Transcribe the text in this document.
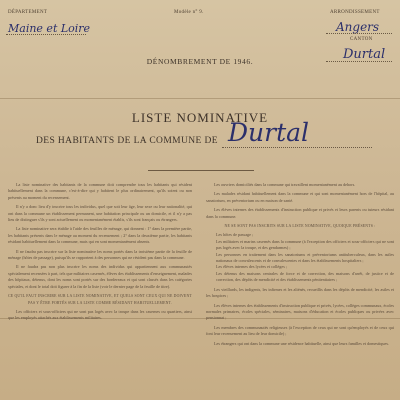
DÉPARTEMENT	Modèle n° 9.	ARRONDISSEMENT
Maine et Loire	Angers
CANTON
Durtal
DÉNOMBREMENT DE 1946.
LISTE NOMINATIVE
DES HABITANTS DE LA COMMUNE DE Durtal

La liste nominative des habitants de la commune doit comprendre tous les habitants qui résident habituellement dans la commune, c'est-à-dire qui y habitent le plus ordinairement, qu'ils soient ou non présents au moment du recensement.

Il n'y a donc lieu d'y inscrire tous les individus, quel que soit leur âge, leur sexe ou leur nationalité, qui ont dans la commune un établissement permanent, une habitation principale ou un domicile, et il n'y a pas lieu de distinguer s'ils y sont actuellement ou momentanément établis, s'ils sont français ou étrangers.

La liste nominative sera établie à l'aide des feuilles de ménage, qui donnent : 1° dans la première partie, les habitants présents dans le ménage au moment du recensement ; 2° dans la deuxième partie, les habitants résidant habituellement dans la commune, mais qui en sont momentanément absents.

Il ne faudra pas inscrire sur la liste nominative les noms portés dans la troisième partie de la feuille de ménage (hôtes de passage), puisqu'ils se rapportent à des personnes qui ne résident pas dans la commune.

Il ne faudra pas non plus inscrire les noms des individus qui appartiennent aux communautés spécialement recensées à part, tels que militaires casernés, élèves des établissements d'enseignement, malades des hôpitaux, détenus, dont les noms sont portés sur des bordereaux et qui sont classés dans les catégories spéciales, et dont le total doit figurer à la fin de la liste (voir le dernier page de la feuille de titre).

CE QU'IL FAUT INSCRIRE SUR LA LISTE NOMINATIVE, ET QUELS SONT CEUX QUI NE DOIVENT PAS Y ÊTRE PORTÉS SUR LA LISTE COMME RÉSIDANT HABITUELLEMENT.

Les officiers et sous-officiers qui ne sont pas logés avec la troupe dans les casernes ou quartiers, ainsi que les employés attachés aux établissements militaires.

Les ouvriers domiciliés dans la commune qui travaillent momentanément au dehors.

Les malades résidant habituellement dans la commune et qui sont momentanément hors de l'hôpital, au sanatorium, en préventorium ou en maison de santé.

Les élèves internes des établissements d'instruction publique et privés et leurs parents ou tuteurs résidant dans la commune.

NE SE SONT PAS INSCRITS SUR LA LISTE NOMINATIVE, QUOIQUE PRÉSENTS :

Les hôtes de passage ;
Les militaires et marins casernés dans la commune (à l'exception des officiers et sous-officiers qui ne sont pas logés avec la troupe, et des gendarmes) ;
Les personnes en traitement dans les sanatoriums et préventoriums antituberculeux, dans les asiles nationaux de convalescents et de convalescentes et dans les établissements hospitaliers ;
Les élèves internes des lycées et collèges ;
Les détenus des maisons centrales de force et de correction, des maisons d'arrêt, de justice et de correction, des dépôts de mendicité et des établissements pénitentiaires ;

Les vieillards, les indigents, les infirmes et les aliénés, recueillis dans les dépôts de mendicité, les asiles et les hospices ;

Les élèves internes des établissements d'instruction publique et privés, lycées, collèges communaux, écoles normales primaires, écoles spéciales, séminaires, maisons d'éducation et écoles publiques ou privées avec pensionnat ;

Les membres des communautés religieuses (à l'exception de ceux qui ne sont qu'employés et de ceux qui font leur recensement au lieu de leur domicile) ;

Les étrangers qui ont dans la commune une résidence habituelle, ainsi que leurs familles et domestiques.
